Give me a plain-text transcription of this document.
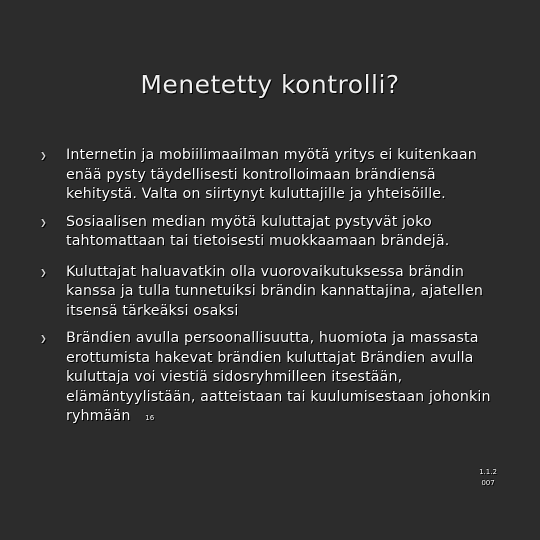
Menetetty kontrolli?
❯ Internetin ja mobiilimaailman myötä yritys ei kuitenkaan enää pysty täydellisesti kontrolloimaan brändiensä kehitystä. Valta on siirtynyt kuluttajille ja yhteisöille.
❯ Sosiaalisen median myötä kuluttajat pystyvät joko tahtomattaan tai tietoisesti muokkaamaan brändejä.
❯ Kuluttajat haluavatkin olla vuorovaikutuksessa brändin kanssa ja tulla tunnetuiksi brändin kannattajina, ajatellen itsensä tärkeäksi osaksi
❯ Brändien avulla persoonallisuutta, huomiota ja massasta erottumista hakevat brändien kuluttajat Brändien avulla kuluttaja voi viestiä sidosryhmilleen itsestään, elämäntyylistään, aatteistaan tai kuulumisestaan johonkin ryhmään 16
1.1.2
007
